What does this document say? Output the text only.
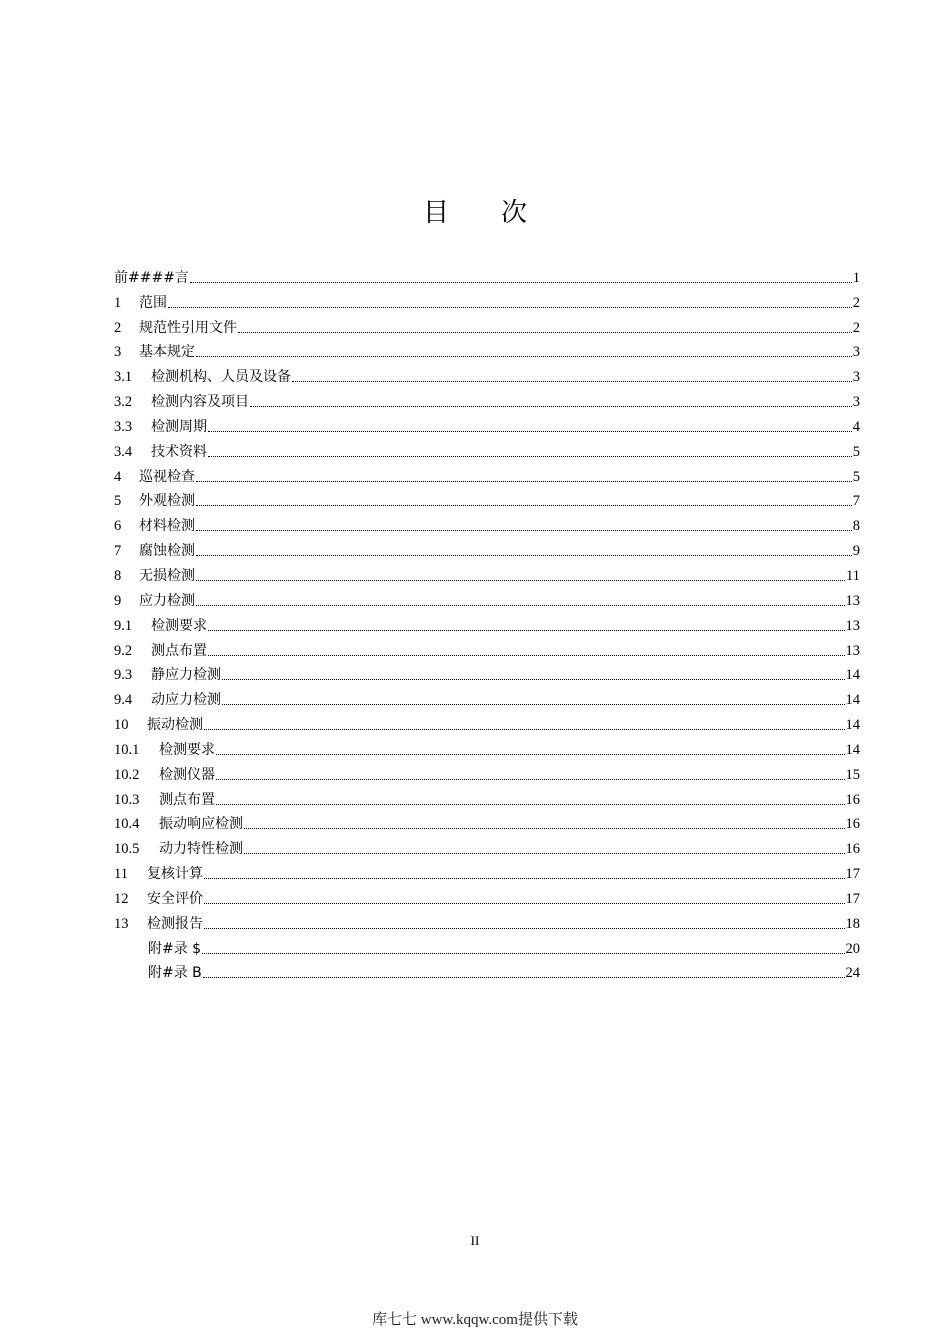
目 次
前####言	1
1	范围	2
2	规范性引用文件	2
3	基本规定	3
3.1	检测机构、人员及设备	3
3.2	检测内容及项目	3
3.3	检测周期	4
3.4	技术资料	5
4	巡视检查	5
5	外观检测	7
6	材料检测	8
7	腐蚀检测	9
8	无损检测	11
9	应力检测	13
9.1	检测要求	13
9.2	测点布置	13
9.3	静应力检测	14
9.4	动应力检测	14
10	振动检测	14
10.1	检测要求	14
10.2	检测仪器	15
10.3	测点布置	16
10.4	振动响应检测	16
10.5	动力特性检测	16
11	复核计算	17
12	安全评价	17
13	检测报告	18
附#录 $	20
附#录 B	24
II
库七七 www.kqqw.com提供下载
